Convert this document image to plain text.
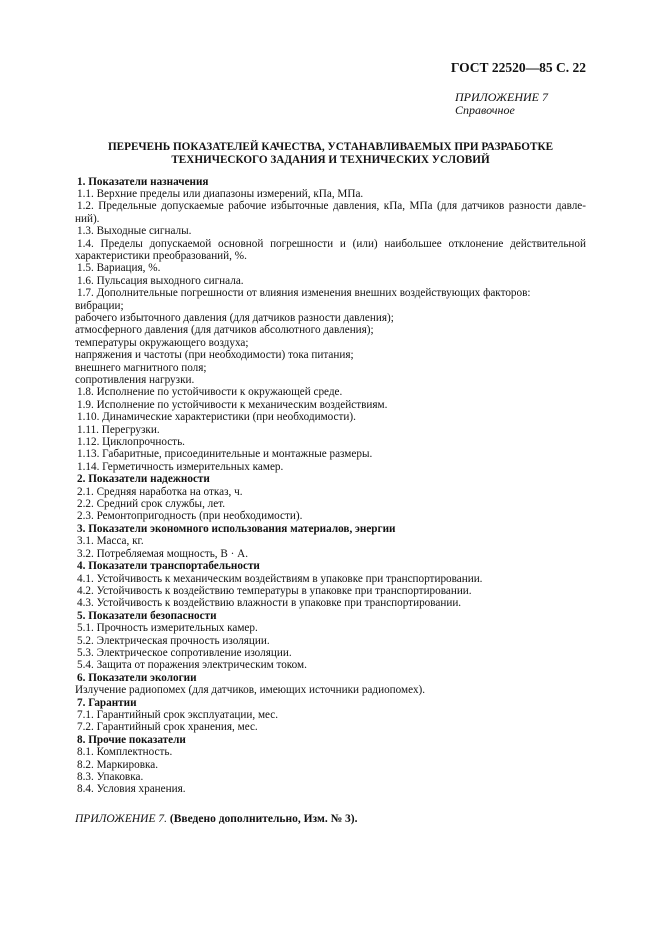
ГОСТ 22520—85 С. 22
ПРИЛОЖЕНИЕ 7
Справочное
ПЕРЕЧЕНЬ ПОКАЗАТЕЛЕЙ КАЧЕСТВА, УСТАНАВЛИВАЕМЫХ ПРИ РАЗРАБОТКЕ
ТЕХНИЧЕСКОГО ЗАДАНИЯ И ТЕХНИЧЕСКИХ УСЛОВИЙ
1. Показатели назначения
1.1. Верхние пределы или диапазоны измерений, кПа, МПа.
1.2. Предельные допускаемые рабочие избыточные давления, кПа, МПа (для датчиков разности давле-
ний).
1.3. Выходные сигналы.
1.4. Пределы допускаемой основной погрешности и (или) наибольшее отклонение действительной
характеристики преобразований, %.
1.5. Вариация, %.
1.6. Пульсация выходного сигнала.
1.7. Дополнительные погрешности от влияния изменения внешних воздействующих факторов:
вибрации;
рабочего избыточного давления (для датчиков разности давления);
атмосферного давления (для датчиков абсолютного давления);
температуры окружающего воздуха;
напряжения и частоты (при необходимости) тока питания;
внешнего магнитного поля;
сопротивления нагрузки.
1.8. Исполнение по устойчивости к окружающей среде.
1.9. Исполнение по устойчивости к механическим воздействиям.
1.10. Динамические характеристики (при необходимости).
1.11. Перегрузки.
1.12. Циклопрочность.
1.13. Габаритные, присоединительные и монтажные размеры.
1.14. Герметичность измерительных камер.
2. Показатели надежности
2.1. Средняя наработка на отказ, ч.
2.2. Средний срок службы, лет.
2.3. Ремонтопригодность (при необходимости).
3. Показатели экономного использования материалов, энергии
3.1. Масса, кг.
3.2. Потребляемая мощность, В · А.
4. Показатели транспортабельности
4.1. Устойчивость к механическим воздействиям в упаковке при транспортировании.
4.2. Устойчивость к воздействию температуры в упаковке при транспортировании.
4.3. Устойчивость к воздействию влажности в упаковке при транспортировании.
5. Показатели безопасности
5.1. Прочность измерительных камер.
5.2. Электрическая прочность изоляции.
5.3. Электрическое сопротивление изоляции.
5.4. Защита от поражения электрическим током.
6. Показатели экологии
Излучение радиопомех (для датчиков, имеющих источники радиопомех).
7. Гарантии
7.1. Гарантийный срок эксплуатации, мес.
7.2. Гарантийный срок хранения, мес.
8. Прочие показатели
8.1. Комплектность.
8.2. Маркировка.
8.3. Упаковка.
8.4. Условия хранения.
ПРИЛОЖЕНИЕ 7. (Введено дополнительно, Изм. № 3).
